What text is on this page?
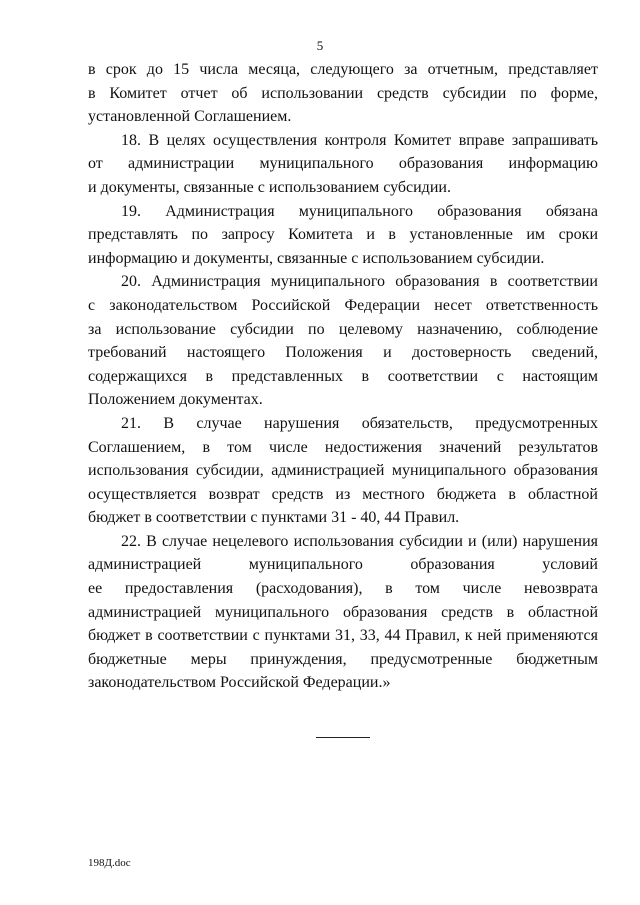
5
в срок до 15 числа месяца, следующего за отчетным, представляет
в Комитет отчет об использовании средств субсидии по форме,
установленной Соглашением.
18. В целях осуществления контроля Комитет вправе запрашивать
от администрации муниципального образования информацию
и документы, связанные с использованием субсидии.
19. Администрация муниципального образования обязана
представлять по запросу Комитета и в установленные им сроки
информацию и документы, связанные с использованием субсидии.
20. Администрация муниципального образования в соответствии
с законодательством Российской Федерации несет ответственность
за использование субсидии по целевому назначению, соблюдение
требований настоящего Положения и достоверность сведений,
содержащихся в представленных в соответствии с настоящим
Положением документах.
21. В случае нарушения обязательств, предусмотренных
Соглашением, в том числе недостижения значений результатов
использования субсидии, администрацией муниципального образования
осуществляется возврат средств из местного бюджета в областной
бюджет в соответствии с пунктами 31 - 40, 44 Правил.
22. В случае нецелевого использования субсидии и (или) нарушения
администрацией муниципального образования условий
ее предоставления (расходования), в том числе невозврата
администрацией муниципального образования средств в областной
бюджет в соответствии с пунктами 31, 33, 44 Правил, к ней применяются
бюджетные меры принуждения, предусмотренные бюджетным
законодательством Российской Федерации.»
198Д.doc
